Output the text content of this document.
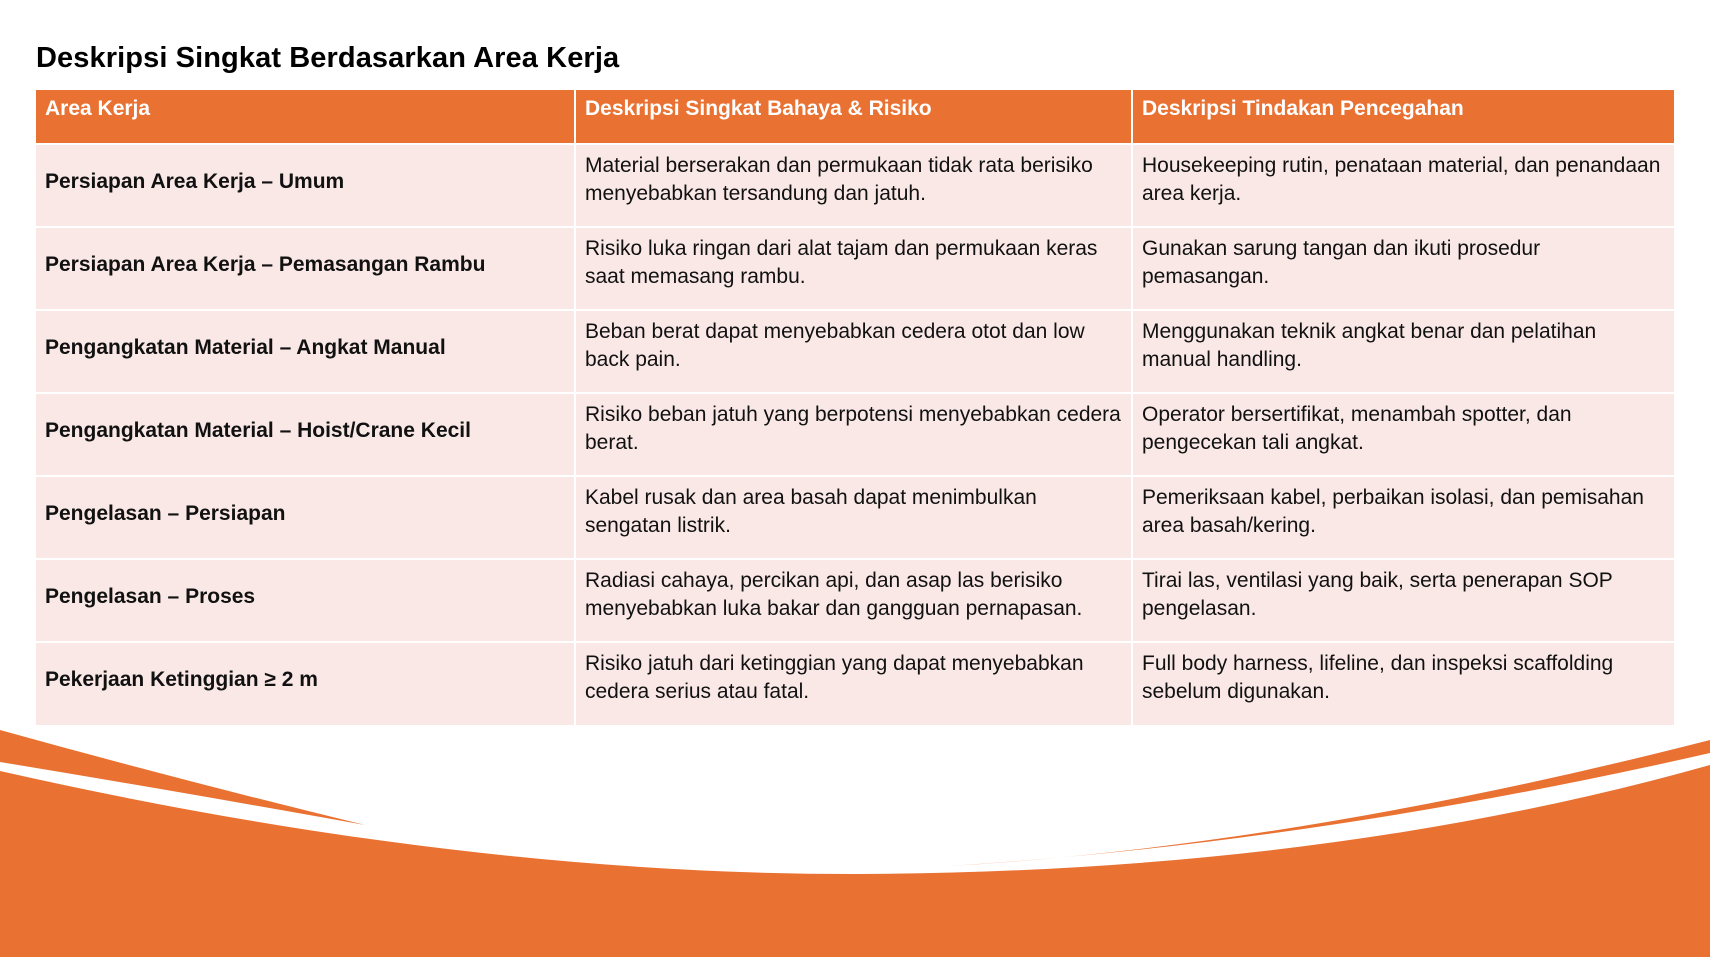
Deskripsi Singkat Berdasarkan Area Kerja
Area Kerja	Deskripsi Singkat Bahaya & Risiko	Deskripsi Tindakan Pencegahan
Persiapan Area Kerja – Umum	Material berserakan dan permukaan tidak rata berisiko menyebabkan tersandung dan jatuh.	Housekeeping rutin, penataan material, dan penandaan area kerja.
Persiapan Area Kerja – Pemasangan Rambu	Risiko luka ringan dari alat tajam dan permukaan keras saat memasang rambu.	Gunakan sarung tangan dan ikuti prosedur pemasangan.
Pengangkatan Material – Angkat Manual	Beban berat dapat menyebabkan cedera otot dan low back pain.	Menggunakan teknik angkat benar dan pelatihan manual handling.
Pengangkatan Material – Hoist/Crane Kecil	Risiko beban jatuh yang berpotensi menyebabkan cedera berat.	Operator bersertifikat, menambah spotter, dan pengecekan tali angkat.
Pengelasan – Persiapan	Kabel rusak dan area basah dapat menimbulkan sengatan listrik.	Pemeriksaan kabel, perbaikan isolasi, dan pemisahan area basah/kering.
Pengelasan – Proses	Radiasi cahaya, percikan api, dan asap las berisiko menyebabkan luka bakar dan gangguan pernapasan.	Tirai las, ventilasi yang baik, serta penerapan SOP pengelasan.
Pekerjaan Ketinggian ≥ 2 m	Risiko jatuh dari ketinggian yang dapat menyebabkan cedera serius atau fatal.	Full body harness, lifeline, dan inspeksi scaffolding sebelum digunakan.
